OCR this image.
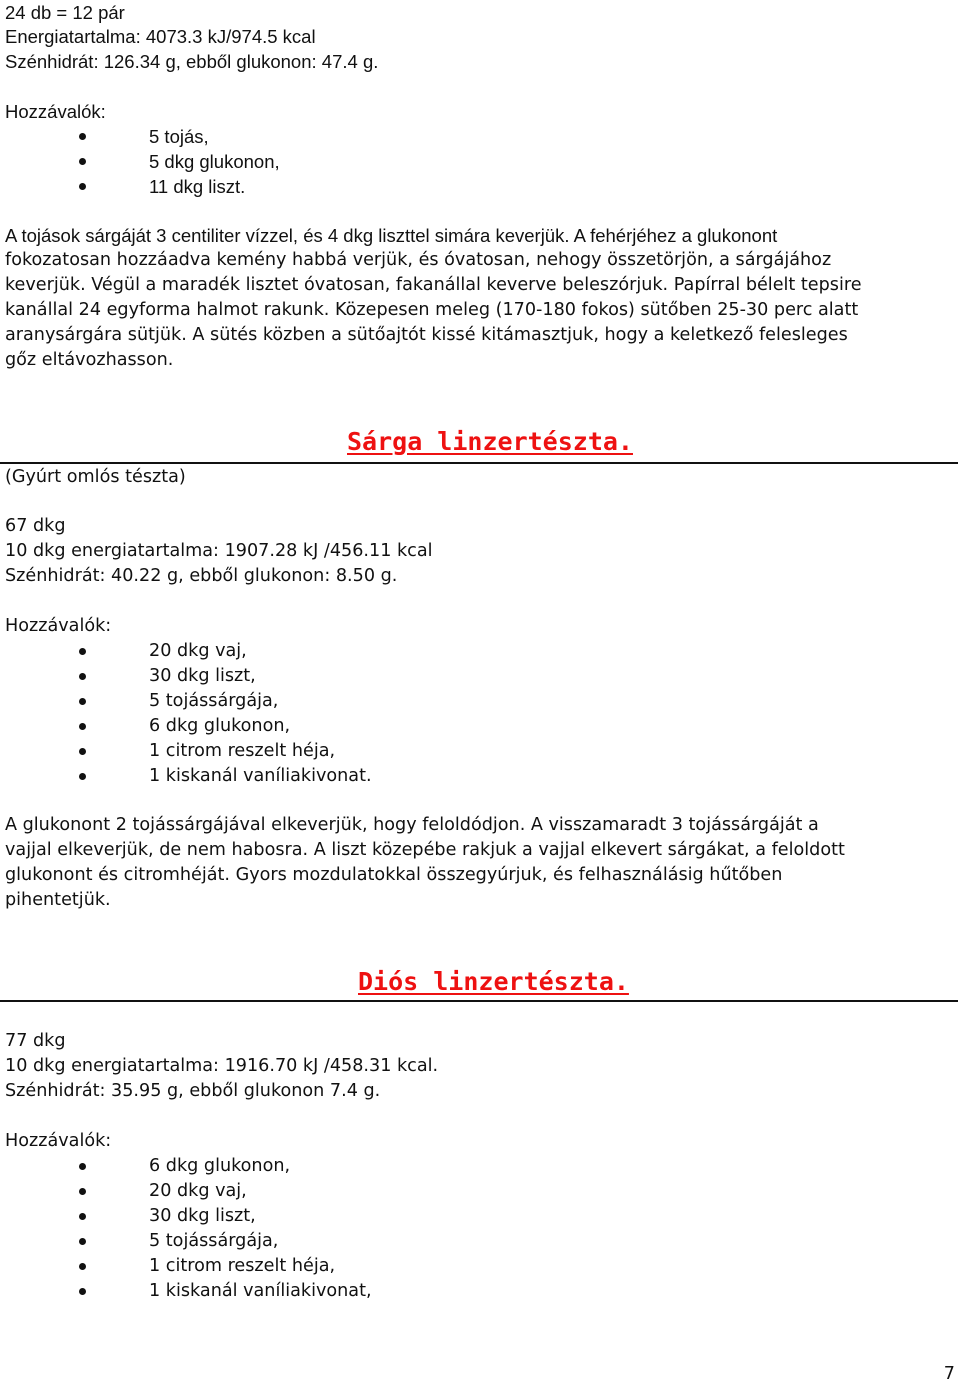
24 db = 12 pár
Energiatartalma: 4073.3 kJ/974.5 kcal
Szénhidrát: 126.34 g, ebből glukonon: 47.4 g.
Hozzávalók:
5 tojás,
5 dkg glukonon,
11 dkg liszt.
A tojások sárgáját 3 centiliter vízzel, és 4 dkg liszttel simára keverjük. A fehérjéhez a glukonont
fokozatosan hozzáadva kemény habbá verjük, és óvatosan, nehogy összetörjön, a sárgájához
keverjük. Végül a maradék lisztet óvatosan, fakanállal keverve beleszórjuk. Papírral bélelt tepsire
kanállal 24 egyforma halmot rakunk. Közepesen meleg (170-180 fokos) sütőben 25-30 perc alatt
aranysárgára sütjük. A sütés közben a sütőajtót kissé kitámasztjuk, hogy a keletkező felesleges
gőz eltávozhasson.
Sárga linzertészta.
(Gyúrt omlós tészta)
67 dkg
10 dkg energiatartalma: 1907.28 kJ /456.11 kcal
Szénhidrát: 40.22 g, ebből glukonon: 8.50 g.
Hozzávalók:
20 dkg vaj,
30 dkg liszt,
5 tojássárgája,
6 dkg glukonon,
1 citrom reszelt héja,
1 kiskanál vaníliakivonat.
A glukonont 2 tojássárgájával elkeverjük, hogy feloldódjon. A visszamaradt 3 tojássárgáját a
vajjal elkeverjük, de nem habosra. A liszt közepébe rakjuk a vajjal elkevert sárgákat, a feloldott
glukonont és citromhéját. Gyors mozdulatokkal összegyúrjuk, és felhasználásig hűtőben
pihentetjük.
Diós linzertészta.
77 dkg
10 dkg energiatartalma: 1916.70 kJ /458.31 kcal.
Szénhidrát: 35.95 g, ebből glukonon 7.4 g.
Hozzávalók:
6 dkg glukonon,
20 dkg vaj,
30 dkg liszt,
5 tojássárgája,
1 citrom reszelt héja,
1 kiskanál vaníliakivonat,
7
